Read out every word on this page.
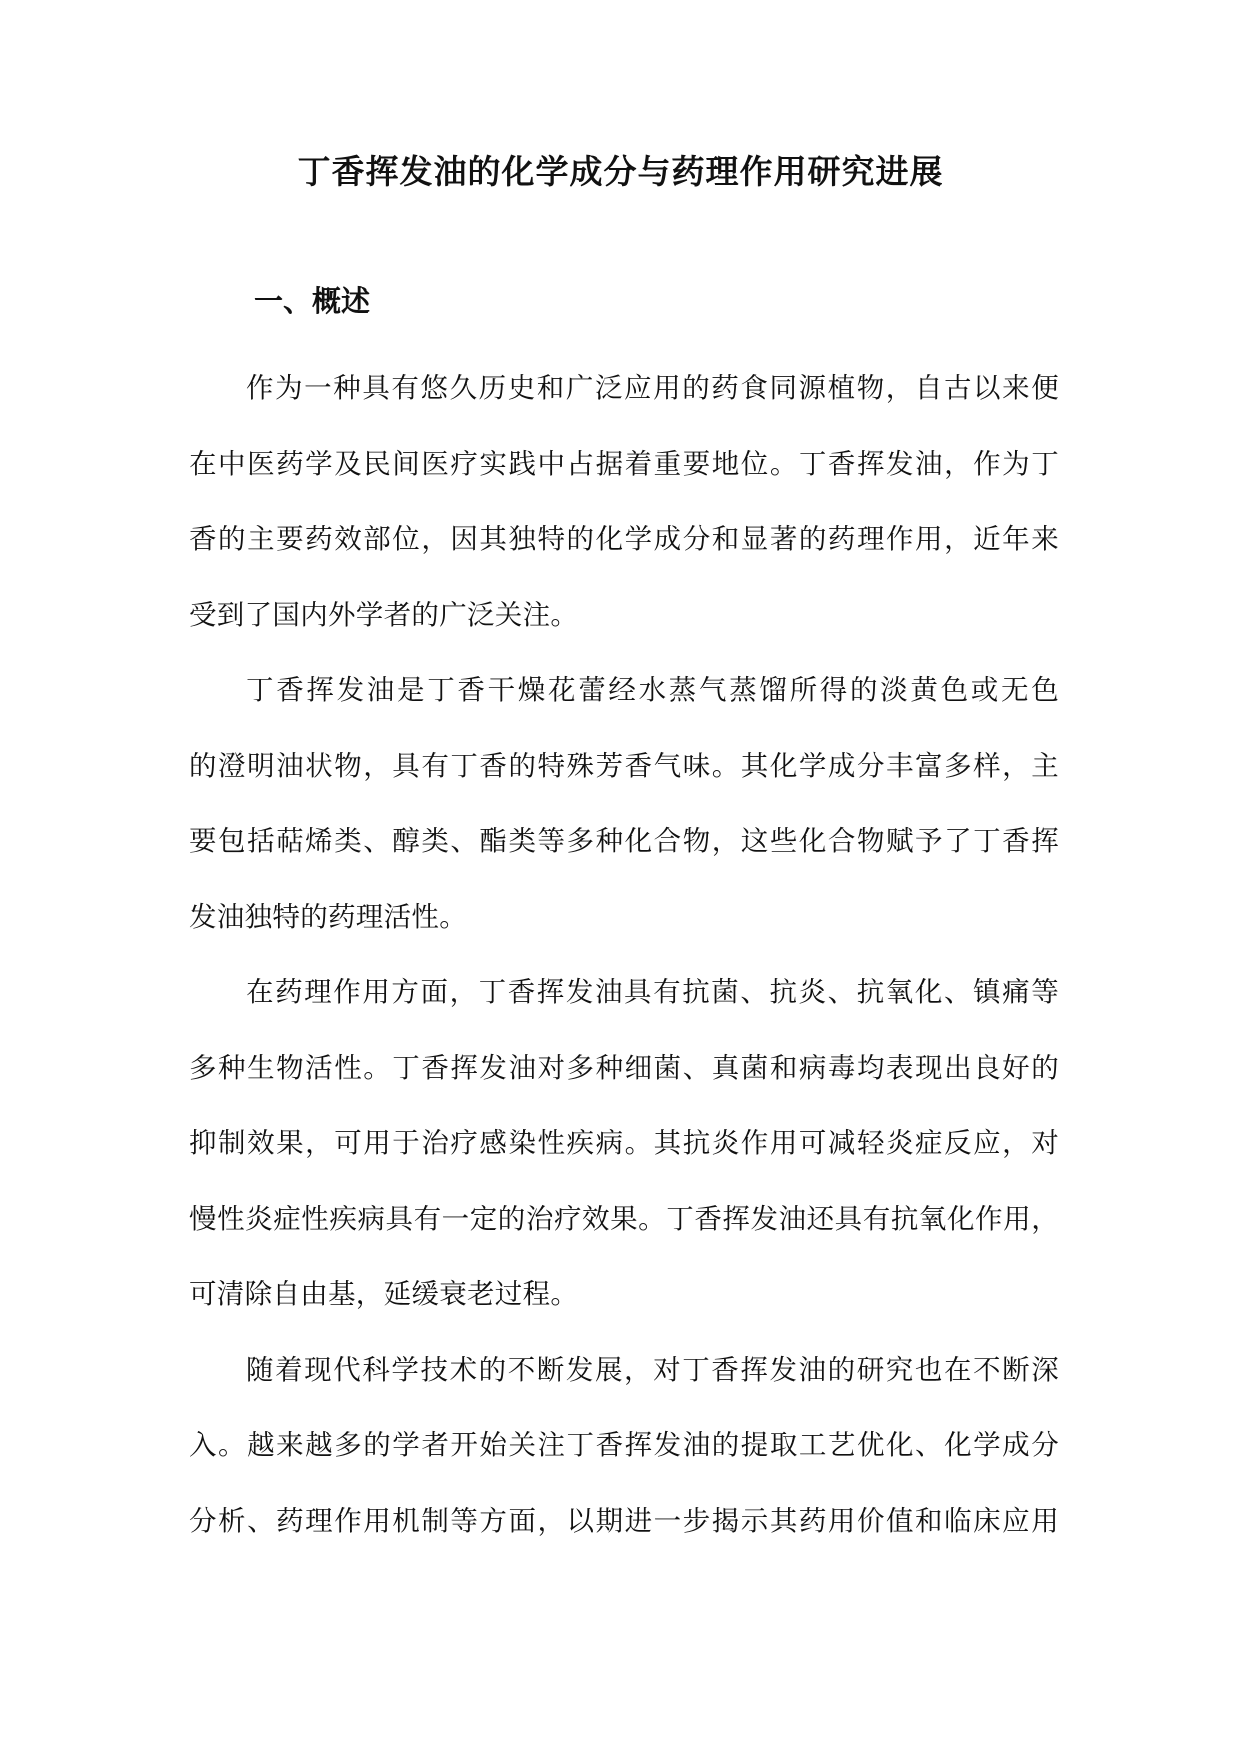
丁香挥发油的化学成分与药理作用研究进展
一、概述

作为一种具有悠久历史和广泛应用的药食同源植物，自古以来便
在中医药学及民间医疗实践中占据着重要地位。丁香挥发油，作为丁
香的主要药效部位，因其独特的化学成分和显著的药理作用，近年来
受到了国内外学者的广泛关注。

丁香挥发油是丁香干燥花蕾经水蒸气蒸馏所得的淡黄色或无色
的澄明油状物，具有丁香的特殊芳香气味。其化学成分丰富多样，主
要包括萜烯类、醇类、酯类等多种化合物，这些化合物赋予了丁香挥
发油独特的药理活性。

在药理作用方面，丁香挥发油具有抗菌、抗炎、抗氧化、镇痛等
多种生物活性。丁香挥发油对多种细菌、真菌和病毒均表现出良好的
抑制效果，可用于治疗感染性疾病。其抗炎作用可减轻炎症反应，对
慢性炎症性疾病具有一定的治疗效果。丁香挥发油还具有抗氧化作用，
可清除自由基，延缓衰老过程。

随着现代科学技术的不断发展，对丁香挥发油的研究也在不断深
入。越来越多的学者开始关注丁香挥发油的提取工艺优化、化学成分
分析、药理作用机制等方面，以期进一步揭示其药用价值和临床应用
